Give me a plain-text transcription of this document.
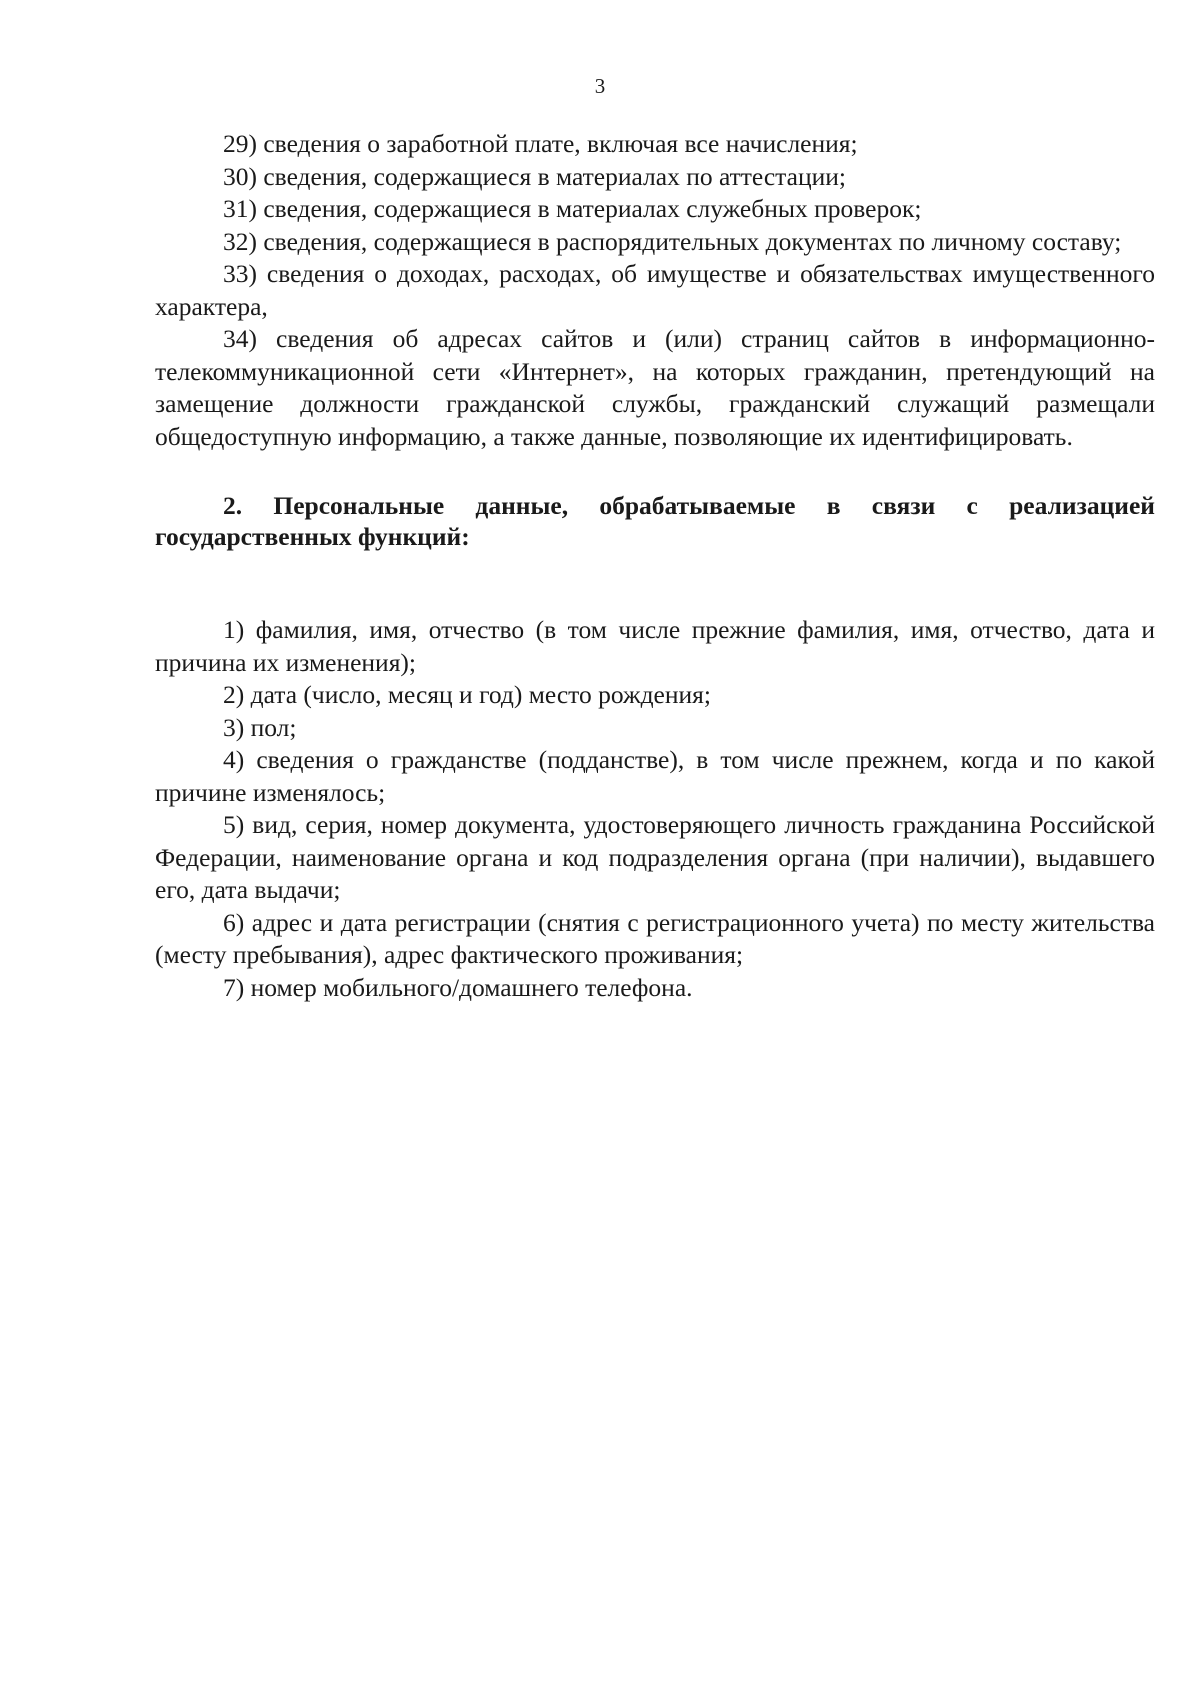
3

29) сведения о заработной плате, включая все начисления;

30) сведения, содержащиеся в материалах по аттестации;

31) сведения, содержащиеся в материалах служебных проверок;

32) сведения, содержащиеся в распорядительных документах по личному составу;

33) сведения о доходах, расходах, об имуществе и обязательствах имущественного характера,

34) сведения об адресах сайтов и (или) страниц сайтов в информационно-телекоммуникационной сети «Интернет», на которых гражданин, претендующий на замещение должности гражданской службы, гражданский служащий размещали общедоступную информацию, а также данные, позволяющие их идентифицировать.

2. Персональные данные, обрабатываемые в связи с реализацией государственных функций:

1) фамилия, имя, отчество (в том числе прежние фамилия, имя, отчество, дата и причина их изменения);

2) дата (число, месяц и год) место рождения;

3) пол;

4) сведения о гражданстве (подданстве), в том числе прежнем, когда и по какой причине изменялось;

5) вид, серия, номер документа, удостоверяющего личность гражданина Российской Федерации, наименование органа и код подразделения органа (при наличии), выдавшего его, дата выдачи;

6) адрес и дата регистрации (снятия с регистрационного учета) по месту жительства (месту пребывания), адрес фактического проживания;

7) номер мобильного/домашнего телефона.
